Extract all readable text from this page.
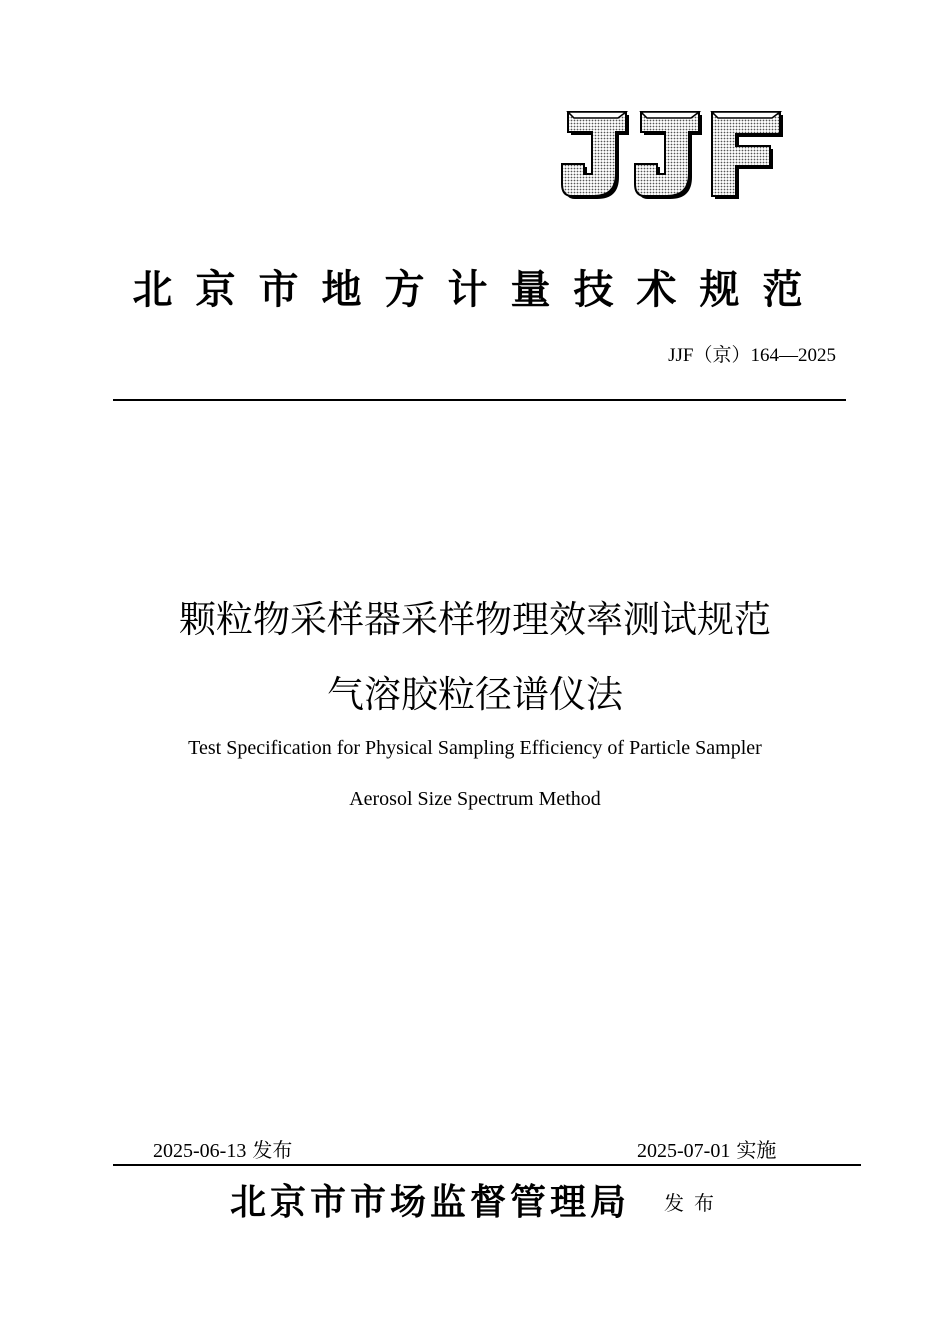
北京市地方计量技术规范
JJF（京）164—2025
颗粒物采样器采样物理效率测试规范
气溶胶粒径谱仪法
Test Specification for Physical Sampling Efficiency of Particle Sampler
Aerosol Size Spectrum Method
2025-06-13 发布	2025-07-01 实施
北京市市场监督管理局 发布
